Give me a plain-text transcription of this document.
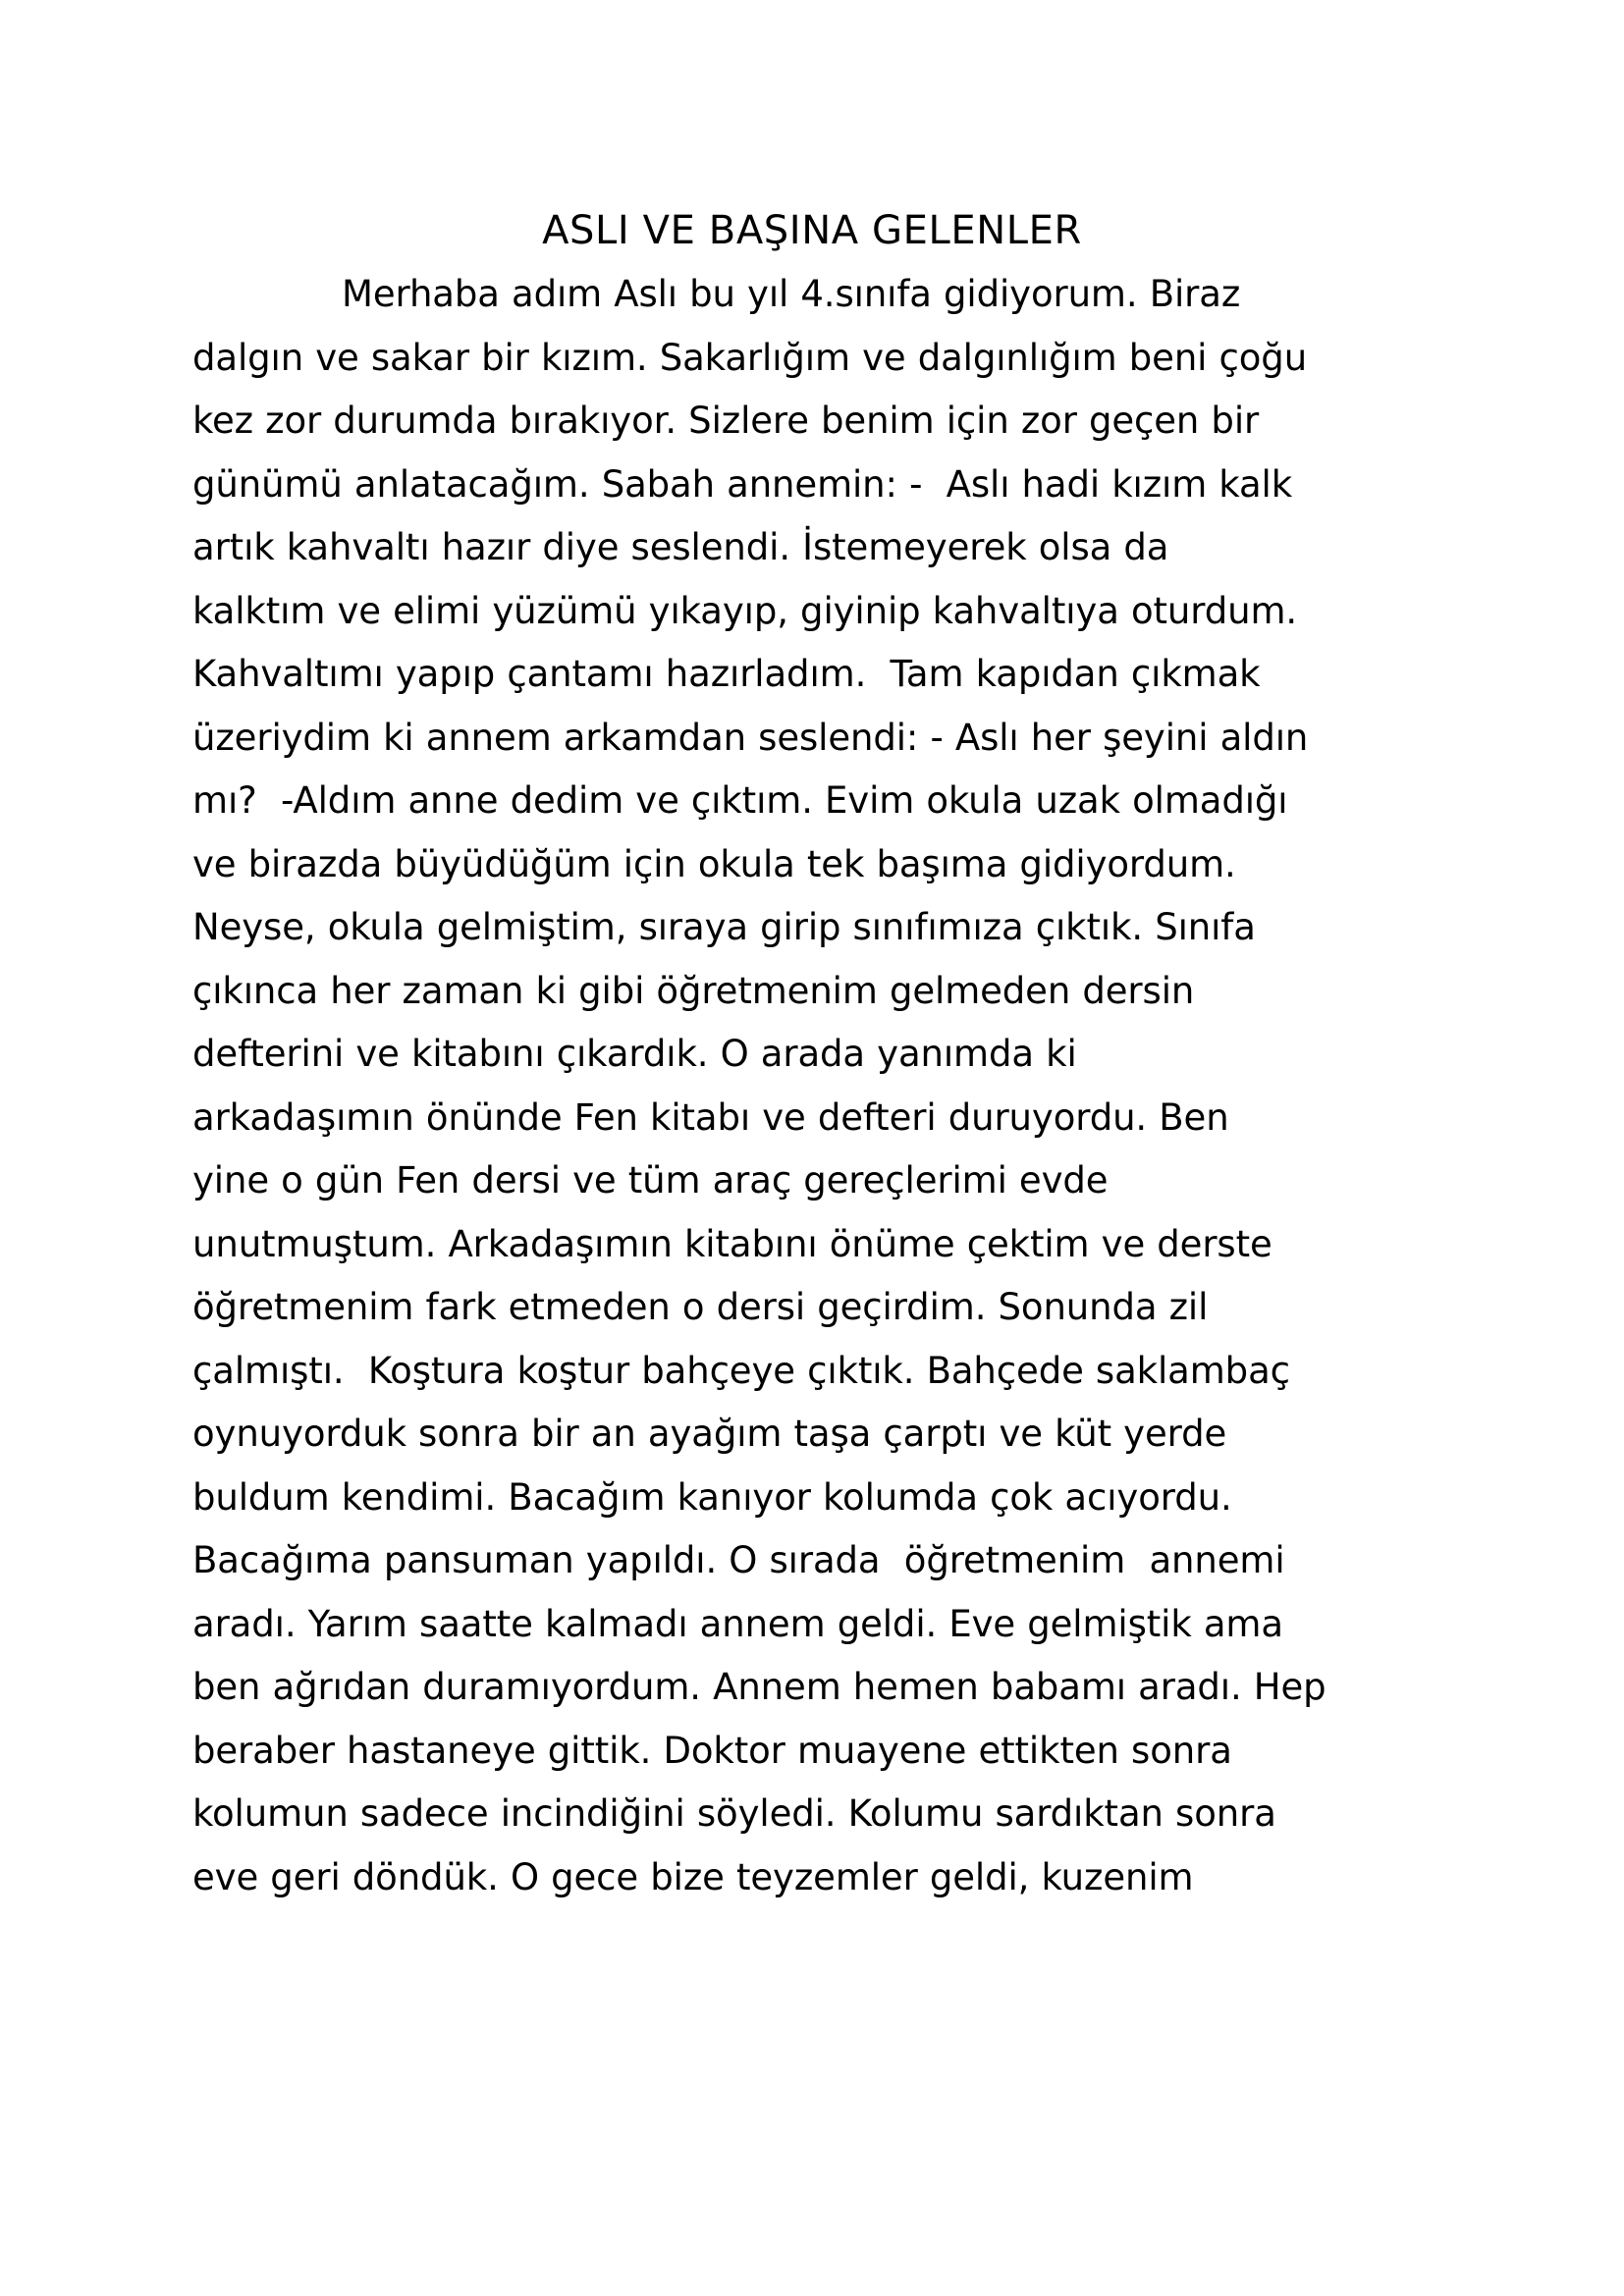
ASLI VE BAŞINA GELENLER
Merhaba adım Aslı bu yıl 4.sınıfa gidiyorum. Biraz
dalgın ve sakar bir kızım. Sakarlığım ve dalgınlığım beni çoğu
kez zor durumda bırakıyor. Sizlere benim için zor geçen bir
günümü anlatacağım. Sabah annemin: -  Aslı hadi kızım kalk
artık kahvaltı hazır diye seslendi. İstemeyerek olsa da
kalktım ve elimi yüzümü yıkayıp, giyinip kahvaltıya oturdum.
Kahvaltımı yapıp çantamı hazırladım.  Tam kapıdan çıkmak
üzeriydim ki annem arkamdan seslendi: - Aslı her şeyini aldın
mı?  -Aldım anne dedim ve çıktım. Evim okula uzak olmadığı
ve birazda büyüdüğüm için okula tek başıma gidiyordum.
Neyse, okula gelmiştim, sıraya girip sınıfımıza çıktık. Sınıfa
çıkınca her zaman ki gibi öğretmenim gelmeden dersin
defterini ve kitabını çıkardık. O arada yanımda ki
arkadaşımın önünde Fen kitabı ve defteri duruyordu. Ben
yine o gün Fen dersi ve tüm araç gereçlerimi evde
unutmuştum. Arkadaşımın kitabını önüme çektim ve derste
öğretmenim fark etmeden o dersi geçirdim. Sonunda zil
çalmıştı.  Koştura koştur bahçeye çıktık. Bahçede saklambaç
oynuyorduk sonra bir an ayağım taşa çarptı ve küt yerde
buldum kendimi. Bacağım kanıyor kolumda çok acıyordu.
Bacağıma pansuman yapıldı. O sırada  öğretmenim  annemi
aradı. Yarım saatte kalmadı annem geldi. Eve gelmiştik ama
ben ağrıdan duramıyordum. Annem hemen babamı aradı. Hep
beraber hastaneye gittik. Doktor muayene ettikten sonra
kolumun sadece incindiğini söyledi. Kolumu sardıktan sonra
eve geri döndük. O gece bize teyzemler geldi, kuzenim
